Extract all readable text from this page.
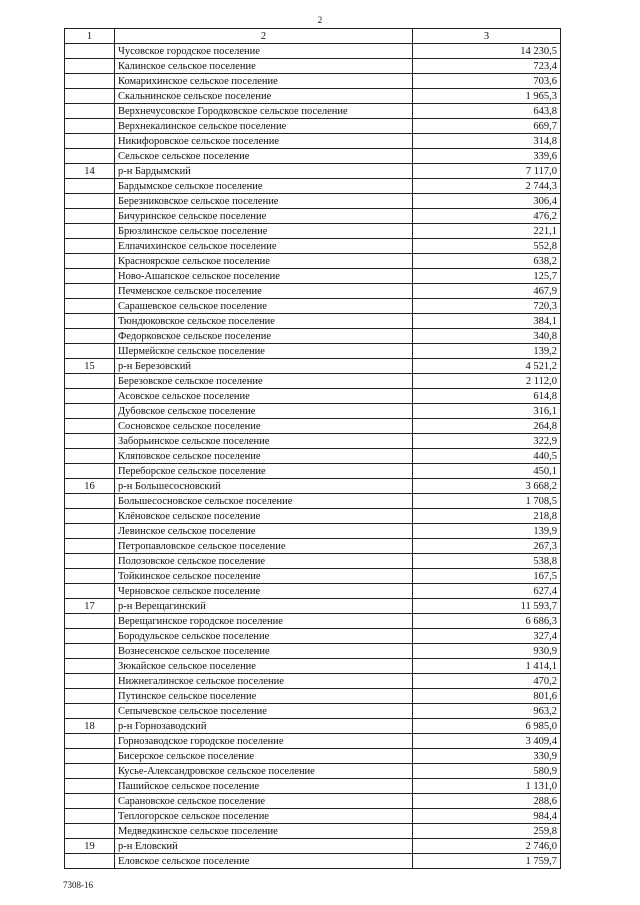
2
1	2	3
	Чусовское городское поселение	14 230,5
	Калинское сельское поселение	723,4
	Комарихинское сельское поселение	703,6
	Скальнинское сельское поселение	1 965,3
	Верхнечусовское Городковское сельское поселение	643,8
	Верхнекалинское сельское поселение	669,7
	Никифоровское сельское поселение	314,8
	Сельское сельское поселение	339,6
14	р-н Бардымский	7 117,0
	Бардымское сельское поселение	2 744,3
	Березниковское сельское поселение	306,4
	Бичуринское сельское поселение	476,2
	Брюзлинское сельское поселение	221,1
	Елпачихинское сельское поселение	552,8
	Красноярское сельское поселение	638,2
	Ново-Ашапское сельское поселение	125,7
	Печменское сельское поселение	467,9
	Сарашевское сельское поселение	720,3
	Тюндюковское сельское поселение	384,1
	Федорковское сельское поселение	340,8
	Шермейское сельское поселение	139,2
15	р-н Березовский	4 521,2
	Березовское сельское поселение	2 112,0
	Асовское сельское поселение	614,8
	Дубовское сельское поселение	316,1
	Сосновское сельское поселение	264,8
	Заборьинское сельское поселение	322,9
	Кляповское сельское поселение	440,5
	Переборское сельское поселение	450,1
16	р-н Большесосновский	3 668,2
	Большесосновское сельское поселение	1 708,5
	Клёновское сельское поселение	218,8
	Левинское сельское поселение	139,9
	Петропавловское сельское поселение	267,3
	Полозовское сельское поселение	538,8
	Тойкинское сельское поселение	167,5
	Черновское сельское поселение	627,4
17	р-н Верещагинский	11 593,7
	Верещагинское городское поселение	6 686,3
	Бородульское сельское поселение	327,4
	Вознесенское сельское поселение	930,9
	Зюкайское сельское поселение	1 414,1
	Нижнегалинское сельское поселение	470,2
	Путинское сельское поселение	801,6
	Сепычевское сельское поселение	963,2
18	р-н Горнозаводский	6 985,0
	Горнозаводское городское поселение	3 409,4
	Бисерское сельское поселение	330,9
	Кусье-Александровское сельское поселение	580,9
	Пашийское сельское поселение	1 131,0
	Сарановское сельское поселение	288,6
	Теплогорское сельское поселение	984,4
	Медведкинское сельское поселение	259,8
19	р-н Еловский	2 746,0
	Еловское сельское поселение	1 759,7
7308-16
